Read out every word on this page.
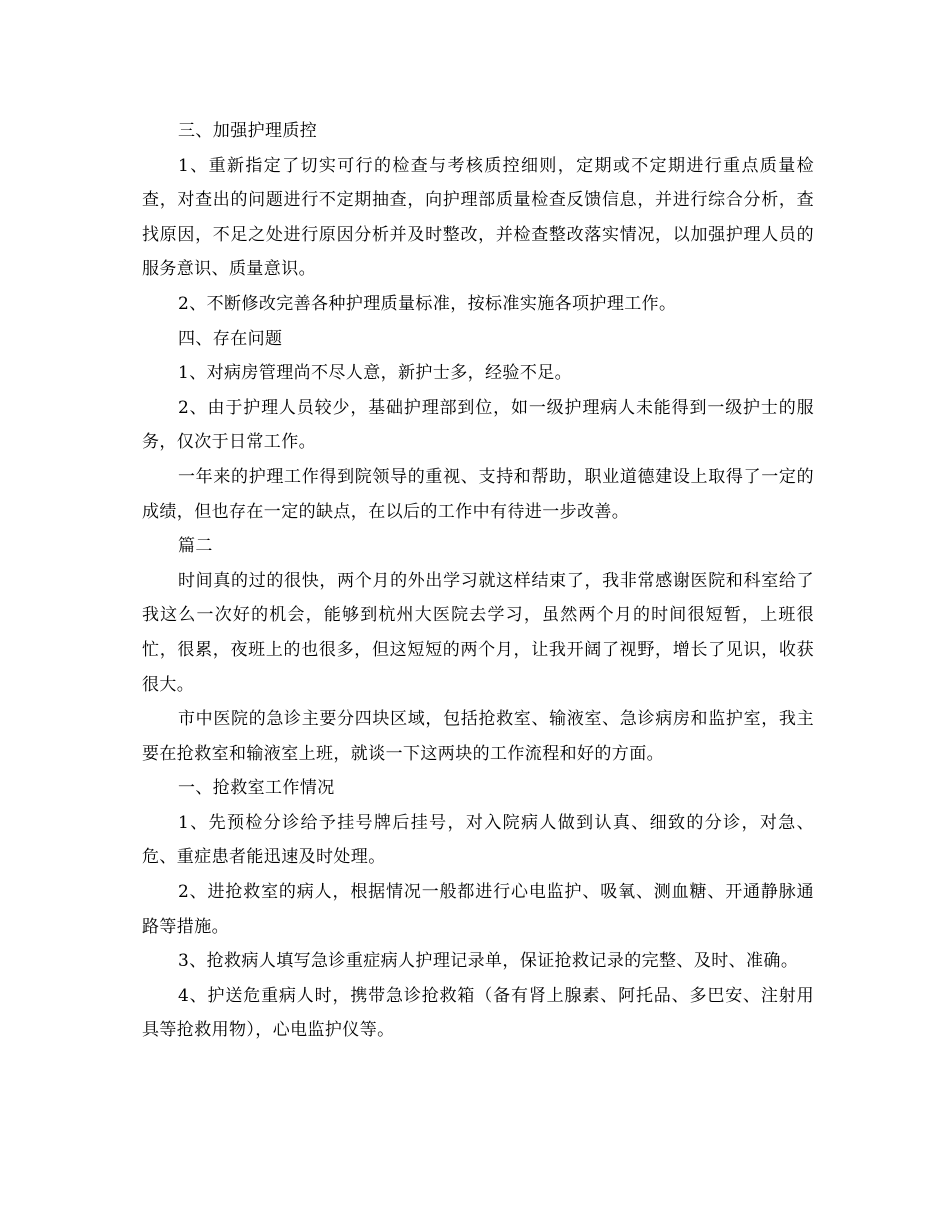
三、加强护理质控

1、重新指定了切实可行的检查与考核质控细则，定期或不定期进行重点质量检查，对查出的问题进行不定期抽查，向护理部质量检查反馈信息，并进行综合分析，查找原因，不足之处进行原因分析并及时整改，并检查整改落实情况，以加强护理人员的服务意识、质量意识。

2、不断修改完善各种护理质量标准，按标准实施各项护理工作。

四、存在问题

1、对病房管理尚不尽人意，新护士多，经验不足。

2、由于护理人员较少，基础护理部到位，如一级护理病人未能得到一级护士的服务，仅次于日常工作。

一年来的护理工作得到院领导的重视、支持和帮助，职业道德建设上取得了一定的成绩，但也存在一定的缺点，在以后的工作中有待进一步改善。

篇二

时间真的过的很快，两个月的外出学习就这样结束了，我非常感谢医院和科室给了我这么一次好的机会，能够到杭州大医院去学习，虽然两个月的时间很短暂，上班很忙，很累，夜班上的也很多，但这短短的两个月，让我开阔了视野，增长了见识，收获很大。

市中医院的急诊主要分四块区域，包括抢救室、输液室、急诊病房和监护室，我主要在抢救室和输液室上班，就谈一下这两块的工作流程和好的方面。

一、抢救室工作情况

1、先预检分诊给予挂号牌后挂号，对入院病人做到认真、细致的分诊，对急、危、重症患者能迅速及时处理。

2、进抢救室的病人，根据情况一般都进行心电监护、吸氧、测血糖、开通静脉通路等措施。

3、抢救病人填写急诊重症病人护理记录单，保证抢救记录的完整、及时、准确。

4、护送危重病人时，携带急诊抢救箱（备有肾上腺素、阿托品、多巴安、注射用具等抢救用物），心电监护仪等。
